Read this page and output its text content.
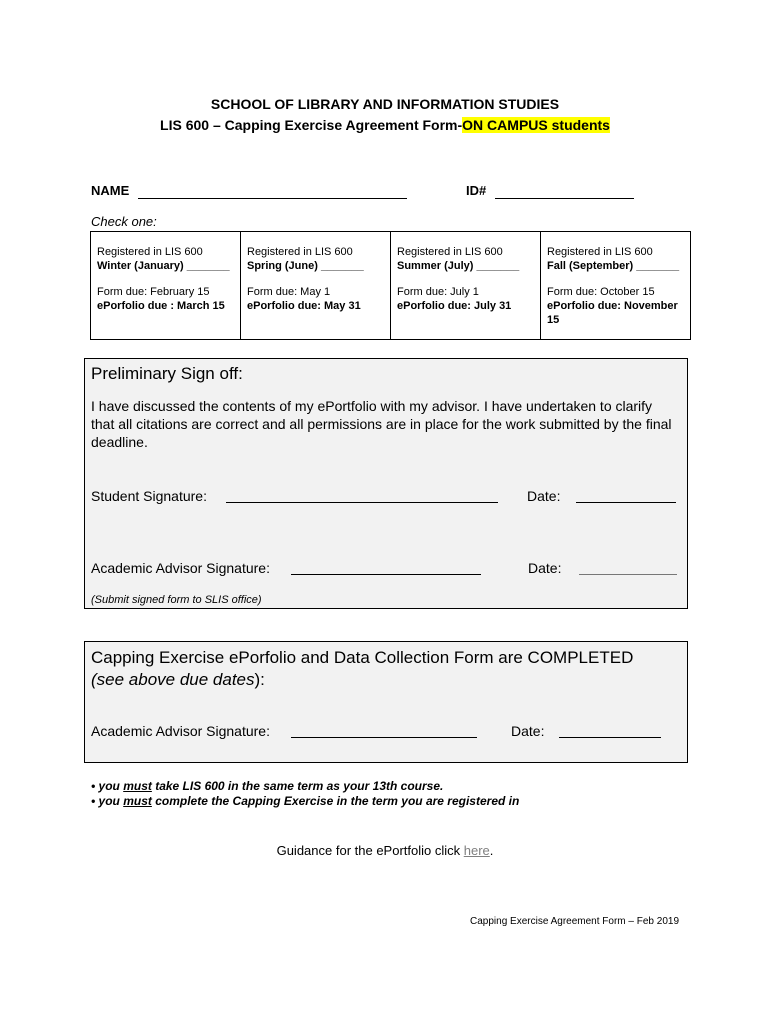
SCHOOL OF LIBRARY AND INFORMATION STUDIES
LIS 600 – Capping Exercise Agreement Form-ON CAMPUS students
NAME	ID#
Check one:
Registered in LIS 600
Winter (January) _______
Form due: February 15
ePorfolio due : March 15

Registered in LIS 600
Spring (June) _______
Form due: May 1
ePorfolio due: May 31

Registered in LIS 600
Summer (July) _______
Form due: July 1
ePorfolio due: July 31

Registered in LIS 600
Fall (September) _______
Form due: October 15
ePorfolio due: November 15
Preliminary Sign off:
I have discussed the contents of my ePortfolio with my advisor. I have undertaken to clarify that all citations are correct and all permissions are in place for the work submitted by the final deadline.
Student Signature:	Date:
Academic Advisor Signature:	Date:
(Submit signed form to SLIS office)
Capping Exercise ePorfolio and Data Collection Form are COMPLETED
(see above due dates):
Academic Advisor Signature:	Date:
• you must take LIS 600 in the same term as your 13th course.
• you must complete the Capping Exercise in the term you are registered in
Guidance for the ePortfolio click here.
Capping Exercise Agreement Form – Feb 2019
